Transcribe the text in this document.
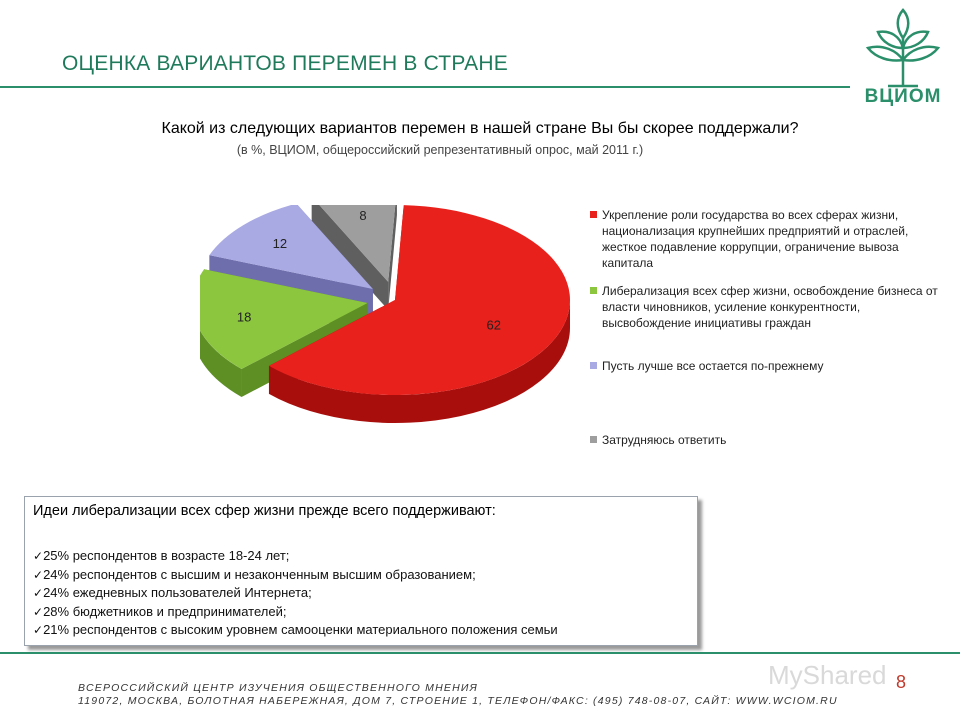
ОЦЕНКА ВАРИАНТОВ ПЕРЕМЕН В СТРАНЕ
ВЦИОМ
Какой из следующих вариантов перемен в нашей стране Вы бы скорее поддержали?
(в %, ВЦИОМ, общероссийский репрезентативный опрос, май 2011 г.)
62
18
12
8	Укрепление роли государства во всех сферах жизни, национализация крупнейших предприятий и отраслей, жесткое подавление коррупции, ограничение вывоза капитала
Либерализация всех сфер жизни, освобождение бизнеса от власти чиновников, усиление конкурентности, высвобождение инициативы граждан
Пусть лучше все остается по-прежнему
Затрудняюсь ответить
Идеи либерализации всех сфер жизни прежде всего поддерживают:
✓ 25% респондентов в возрасте 18-24 лет;
✓ 24% респондентов с высшим и незаконченным высшим образованием;
✓ 24% ежедневных пользователей Интернета;
✓ 28% бюджетников и предпринимателей;
✓ 21% респондентов с высоким уровнем самооценки материального положения семьи
MyShared 8
ВСЕРОССИЙСКИЙ ЦЕНТР ИЗУЧЕНИЯ ОБЩЕСТВЕННОГО МНЕНИЯ
119072, МОСКВА, БОЛОТНАЯ НАБЕРЕЖНАЯ, ДОМ 7, СТРОЕНИЕ 1, ТЕЛЕФОН/ФАКС: (495) 748-08-07, САЙТ: WWW.WCIOM.RU
